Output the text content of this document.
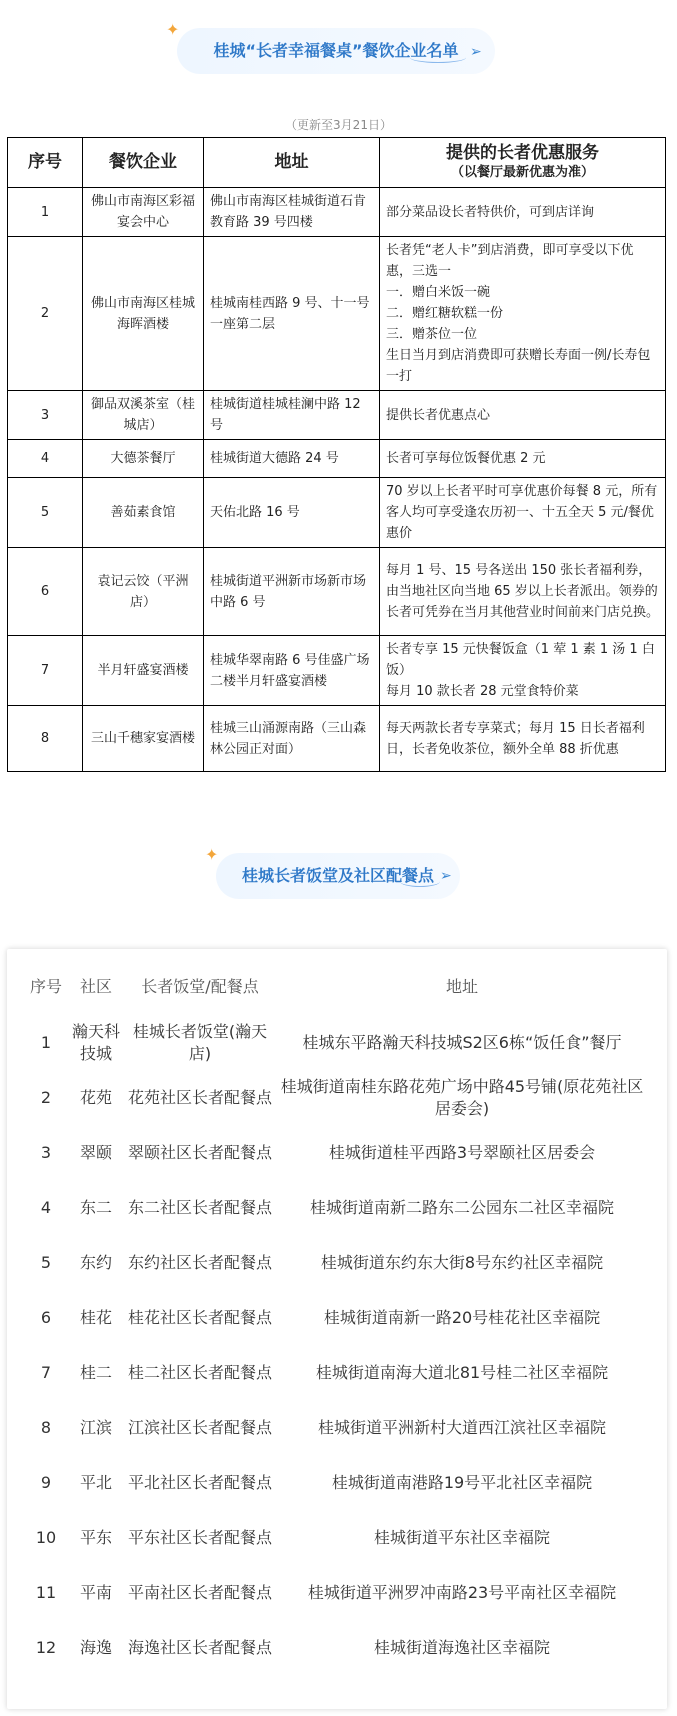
桂城“长者幸福餐桌”餐饮企业名单
✦
➢
（更新至3月21日）
序号	餐饮企业	地址	提供的长者优惠服务
（以餐厅最新优惠为准）

1	佛山市南海区彩福宴会中心	佛山市南海区桂城街道石肯教育路 39 号四楼	部分菜品设长者特供价，可到店详询

2	佛山市南海区桂城海晖酒楼	桂城南桂西路 9 号、十一号一座第二层	长者凭“老人卡”到店消费，即可享受以下优惠，三选一
一．赠白米饭一碗
二．赠红糖软糕一份
三．赠茶位一位
生日当月到店消费即可获赠长寿面一例/长寿包一打

3	御品双溪茶室（桂城店）	桂城街道桂城桂澜中路 12 号	提供长者优惠点心

4	大德茶餐厅	桂城街道大德路 24 号	长者可享每位饭餐优惠 2 元

5	善茹素食馆	天佑北路 16 号	70 岁以上长者平时可享优惠价每餐 8 元，所有客人均可享受逢农历初一、十五全天 5 元/餐优惠价

6	袁记云饺（平洲店）	桂城街道平洲新市场新市场中路 6 号	每月 1 号、15 号各送出 150 张长者福利券，由当地社区向当地 65 岁以上长者派出。领券的长者可凭券在当月其他营业时间前来门店兑换。

7	半月轩盛宴酒楼	桂城华翠南路 6 号佳盛广场二楼半月轩盛宴酒楼	长者专享 15 元快餐饭盒（1 荤 1 素 1 汤 1 白饭）
每月 10 款长者 28 元堂食特价菜

8	三山千穗家宴酒楼	桂城三山涌源南路（三山森林公园正对面）	每天两款长者专享菜式；每月 15 日长者福利日，长者免收茶位，额外全单 88 折优惠
桂城长者饭堂及社区配餐点
✦
➢
序号	社区	长者饭堂/配餐点	地址
1	瀚天科技城	桂城长者饭堂(瀚天店)	桂城东平路瀚天科技城S2区6栋“饭任食”餐厅
2	花苑	花苑社区长者配餐点	桂城街道南桂东路花苑广场中路45号铺(原花苑社区居委会)
3	翠颐	翠颐社区长者配餐点	桂城街道桂平西路3号翠颐社区居委会
4	东二	东二社区长者配餐点	桂城街道南新二路东二公园东二社区幸福院
5	东约	东约社区长者配餐点	桂城街道东约东大街8号东约社区幸福院
6	桂花	桂花社区长者配餐点	桂城街道南新一路20号桂花社区幸福院
7	桂二	桂二社区长者配餐点	桂城街道南海大道北81号桂二社区幸福院
8	江滨	江滨社区长者配餐点	桂城街道平洲新村大道西江滨社区幸福院
9	平北	平北社区长者配餐点	桂城街道南港路19号平北社区幸福院
10	平东	平东社区长者配餐点	桂城街道平东社区幸福院
11	平南	平南社区长者配餐点	桂城街道平洲罗冲南路23号平南社区幸福院
12	海逸	海逸社区长者配餐点	桂城街道海逸社区幸福院
